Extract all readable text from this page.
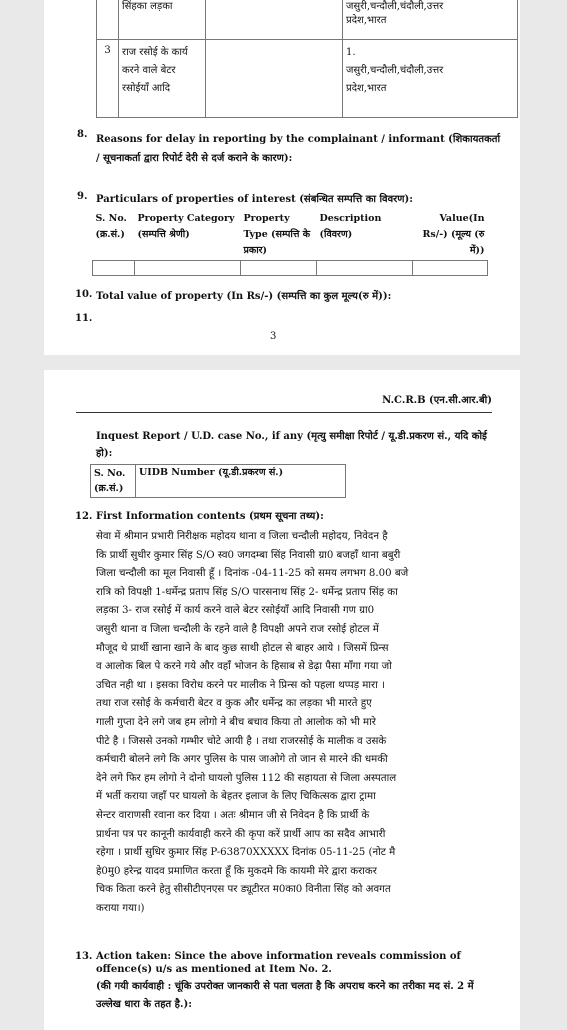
	सिंहका लड़का		जसुरी,चन्दौली,चंदौली,उत्तर
प्रदेश,भारत

3	राज रसोई के कार्य करने वाले बेटर रसोईयाँ आदि		1.
जसुरी,चन्दौली,चंदौली,उत्तर
प्रदेश,भारत
8. Reasons for delay in reporting by the complainant / informant (शिकायतकर्ता / सूचनाकर्ता द्वारा रिपोर्ट देरी से दर्ज कराने के कारण):
9. Particulars of properties of interest (संबन्धित सम्पत्ति का विवरण):
S. No. (क्र.सं.)	Property Category (सम्पत्ति श्रेणी)	Property Type (सम्पत्ति के प्रकार)	Description (विवरण)	Value(In Rs/-) (मूल्य (रु में))

10. Total value of property (In Rs/-) (सम्पत्ति का कुल मूल्य(रु में)):
11.
3
N.C.R.B (एन.सी.आर.बी)
Inquest Report / U.D. case No., if any (मृत्यु समीक्षा रिपोर्ट / यू.डी.प्रकरण सं., यदि कोई हो):
S. No. (क्र.सं.)	UIDB Number (यू.डी.प्रकरण सं.)
12. First Information contents (प्रथम सूचना तथ्य):
सेवा में श्रीमान प्रभारी निरीक्षक महोदय थाना व जिला चन्दौली महोदय, निवेदन है
कि प्रार्थी सुधीर कुमार सिंह S/O स्व0 जगदम्बा सिंह निवासी ग्रा0 बजहाँ थाना बबुरी
जिला चन्दौली का मूल निवासी हूँ । दिनांक -04-11-25 को समय लगभग 8.00 बजे
रात्रि को विपक्षी 1-धर्मेन्द्र प्रताप सिंह S/O पारसनाथ सिंह 2- धर्मेन्द्र प्रताप सिंह का
लड़का 3- राज रसोई में कार्य करने वाले बेटर रसोईयाँ आदि निवासी गण ग्रा0
जसुरी थाना व जिला चन्दौली के रहने वाले है विपक्षी अपने राज रसोई होटल में
मौजूद थे प्रार्थी खाना खाने के बाद कुछ साथी होटल से बाहर आये । जिसमें प्रिन्स
व आलोक बिल पे करने गये और वहाँ भोजन के हिसाब से डेढ़ा पैसा माँगा गया जो
उचित नही था । इसका विरोध करने पर मालीक ने प्रिन्स को पहला थप्पड़ मारा ।
तथा राज रसोई के कर्मचारी बेटर व कुक और धर्मेन्द्र का लड़का भी मारते हुए
गाली गुप्ता देने लगे जब हम लोगो ने बीच बचाव किया तो आलोक को भी मारे
पीटे है । जिससे उनको गम्भीर चोटे आयी है । तथा राजरसोई के मालीक व उसके
कर्मचारी बोलने लगे कि अगर पुलिस के पास जाओगे तो जान से मारने की धमकी
देने लगे फिर हम लोगो ने दोनो घायलो पुलिस 112 की सहायता से जिला अस्पताल
में भर्ती कराया जहाँ पर घायलो के बेहतर इलाज के लिए चिकित्सक द्वारा ट्रामा
सेन्टर वाराणसी रवाना कर दिया । अतः श्रीमान जी से निवेदन है कि प्रार्थी के
प्रार्थना पत्र पर कानूनी कार्यवाही करने की कृपा करें प्रार्थी आप का सदैव आभारी
रहेगा । प्रार्थी सुधिर कुमार सिंह P-63870XXXXX दिनांक 05-11-25 (नोट मै
हे0मु0 हरेन्द्र यादव प्रमाणित करता हूँ कि मुकदमे कि कायमी मेरे द्वारा कराकर
चिक किता करने हेतु सीसीटीएनएस पर ड्यूटीरत म0का0 विनीता सिंह को अवगत
कराया गया।)
13. Action taken: Since the above information reveals commission of offence(s) u/s as mentioned at Item No. 2.
(की गयी कार्यवाही : चूंकि उपरोक्त जानकारी से पता चलता है कि अपराध करने का तरीका मद सं. 2 में उल्लेख धारा के तहत है.):
